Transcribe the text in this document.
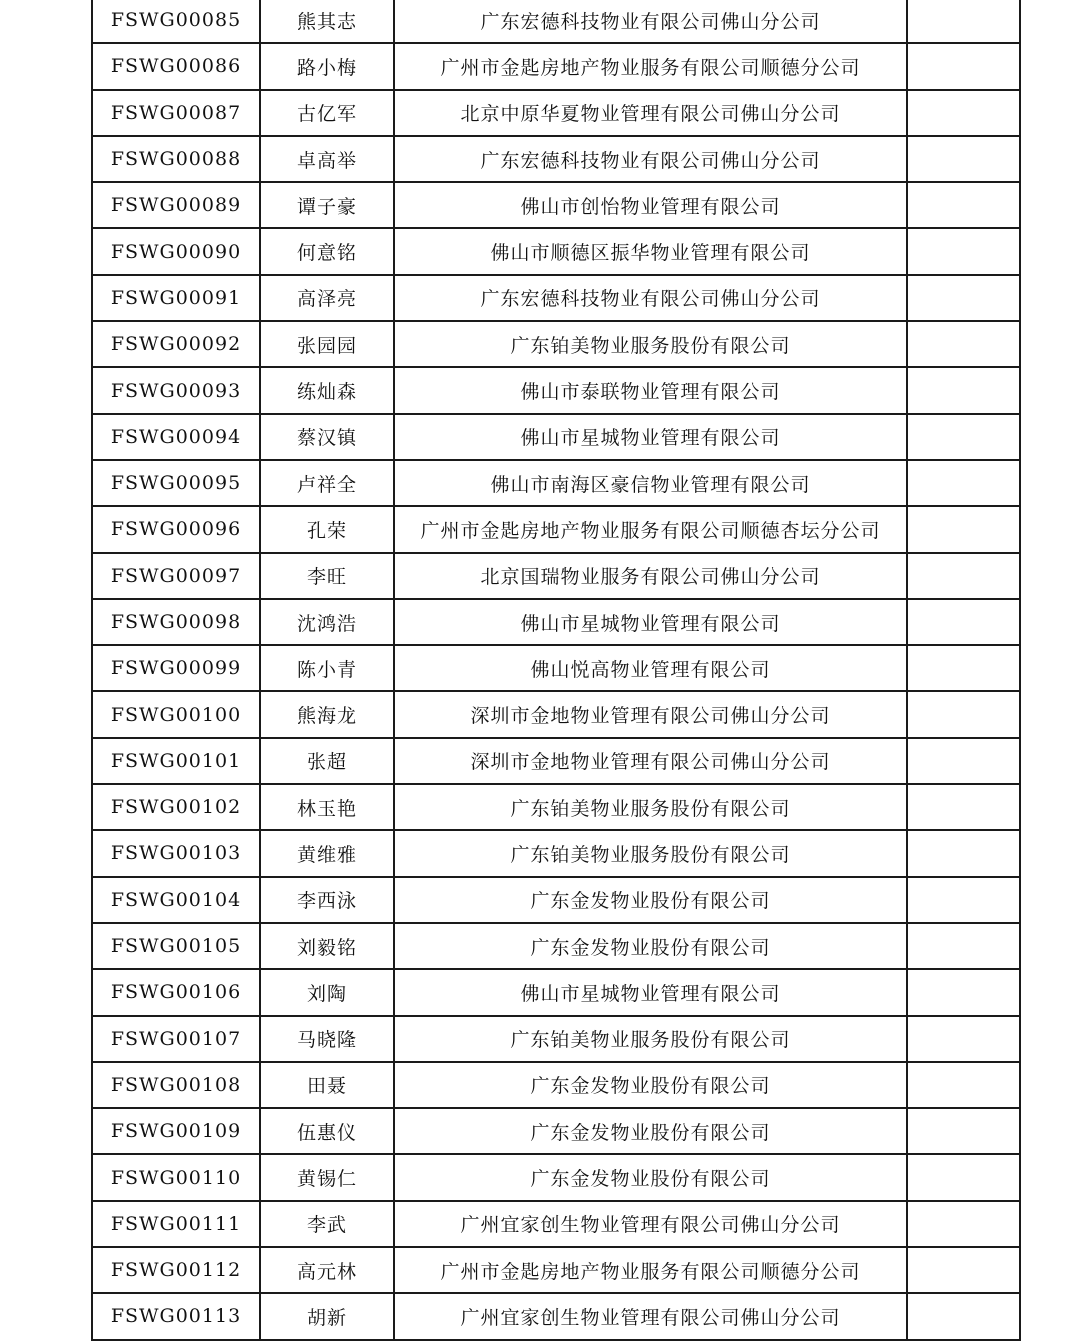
FSWG00085	熊其志	广东宏德科技物业有限公司佛山分公司	
FSWG00086	路小梅	广州市金匙房地产物业服务有限公司顺德分公司	
FSWG00087	古亿军	北京中原华夏物业管理有限公司佛山分公司	
FSWG00088	卓高举	广东宏德科技物业有限公司佛山分公司	
FSWG00089	谭子豪	佛山市创怡物业管理有限公司	
FSWG00090	何意铭	佛山市顺德区振华物业管理有限公司	
FSWG00091	高泽亮	广东宏德科技物业有限公司佛山分公司	
FSWG00092	张园园	广东铂美物业服务股份有限公司	
FSWG00093	练灿森	佛山市泰联物业管理有限公司	
FSWG00094	蔡汉镇	佛山市星城物业管理有限公司	
FSWG00095	卢祥全	佛山市南海区豪信物业管理有限公司	
FSWG00096	孔荣	广州市金匙房地产物业服务有限公司顺德杏坛分公司	
FSWG00097	李旺	北京国瑞物业服务有限公司佛山分公司	
FSWG00098	沈鸿浩	佛山市星城物业管理有限公司	
FSWG00099	陈小青	佛山悦高物业管理有限公司	
FSWG00100	熊海龙	深圳市金地物业管理有限公司佛山分公司	
FSWG00101	张超	深圳市金地物业管理有限公司佛山分公司	
FSWG00102	林玉艳	广东铂美物业服务股份有限公司	
FSWG00103	黄维雅	广东铂美物业服务股份有限公司	
FSWG00104	李西泳	广东金发物业股份有限公司	
FSWG00105	刘毅铭	广东金发物业股份有限公司	
FSWG00106	刘陶	佛山市星城物业管理有限公司	
FSWG00107	马晓隆	广东铂美物业服务股份有限公司	
FSWG00108	田聂	广东金发物业股份有限公司	
FSWG00109	伍惠仪	广东金发物业股份有限公司	
FSWG00110	黄锡仁	广东金发物业股份有限公司	
FSWG00111	李武	广州宜家创生物业管理有限公司佛山分公司	
FSWG00112	高元林	广州市金匙房地产物业服务有限公司顺德分公司	
FSWG00113	胡新	广州宜家创生物业管理有限公司佛山分公司	
